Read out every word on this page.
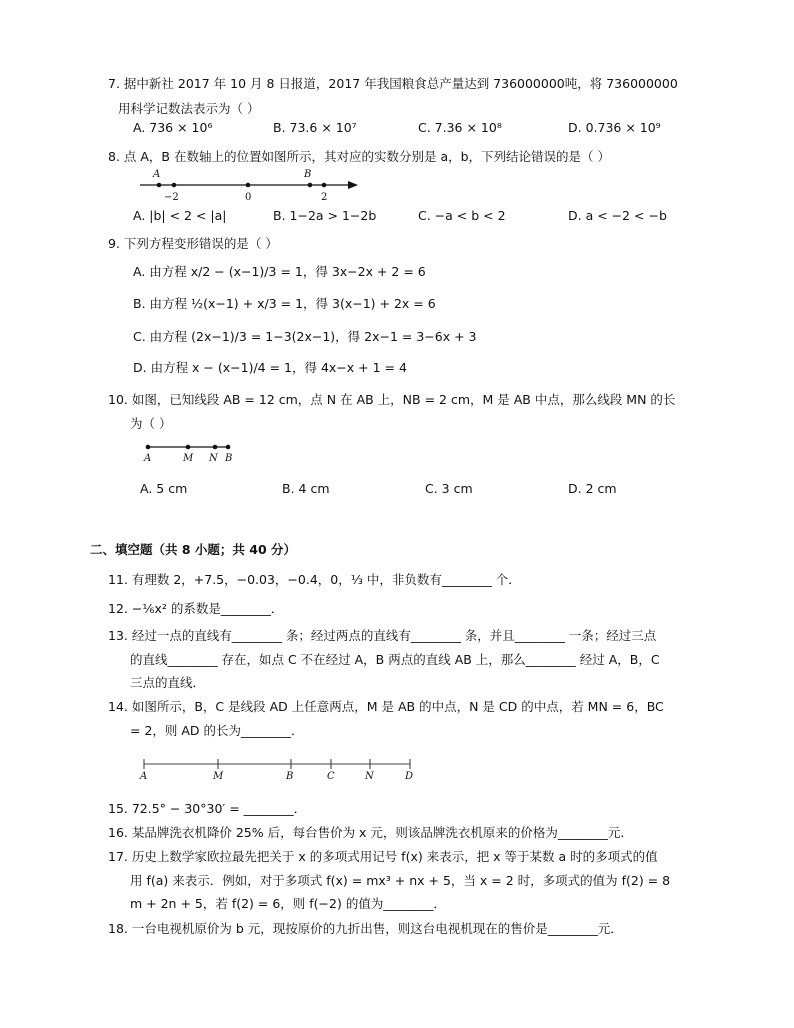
7. 据中新社 2017 年 10 月 8 日报道，2017 年我国粮食总产量达到 736000000吨，将 736000000
用科学记数法表示为（ ）
A. 736 × 10⁶	B. 73.6 × 10⁷	C. 7.36 × 10⁸	D. 0.736 × 10⁹
8. 点 A，B 在数轴上的位置如图所示，其对应的实数分别是 a，b，下列结论错误的是（ ）
A
−2	0
B
2
A. |b| < 2 < |a|	B. 1−2a > 1−2b	C. −a < b < 2	D. a < −2 < −b
9. 下列方程变形错误的是（ ）
A. 由方程 x/2 − (x−1)/3 = 1，得 3x−2x + 2 = 6
B. 由方程 ½(x−1) + x/3 = 1，得 3(x−1) + 2x = 6
C. 由方程 (2x−1)/3 = 1−3(2x−1)，得 2x−1 = 3−6x + 3
D. 由方程 x − (x−1)/4 = 1，得 4x−x + 1 = 4
10. 如图，已知线段 AB = 12 cm，点 N 在 AB 上，NB = 2 cm，M 是 AB 中点，那么线段 MN 的长
为（ ）
A	M N B
A. 5 cm	B. 4 cm	C. 3 cm	D. 2 cm
二、填空题（共 8 小题；共 40 分）
11. 有理数 2，+7.5，−0.03，−0.4，0，⅓ 中，非负数有________ 个．
12. −⅙x² 的系数是________．
13. 经过一点的直线有________ 条；经过两点的直线有________ 条，并且________ 一条；经过三点
的直线________ 存在，如点 C 不在经过 A，B 两点的直线 AB 上，那么________ 经过 A，B，C
三点的直线．
14. 如图所示，B，C 是线段 AD 上任意两点，M 是 AB 的中点，N 是 CD 的中点，若 MN = 6，BC
= 2，则 AD 的长为________．
A	M	B	C	N	D
15. 72.5° − 30°30′ = ________．
16. 某品牌洗衣机降价 25% 后，每台售价为 x 元，则该品牌洗衣机原来的价格为________元．
17. 历史上数学家欧拉最先把关于 x 的多项式用记号 f(x) 来表示，把 x 等于某数 a 时的多项式的值
用 f(a) 来表示．例如，对于多项式 f(x) = mx³ + nx + 5，当 x = 2 时，多项式的值为 f(2) = 8
m + 2n + 5，若 f(2) = 6，则 f(−2) 的值为________．
18. 一台电视机原价为 b 元，现按原价的九折出售，则这台电视机现在的售价是________元．
